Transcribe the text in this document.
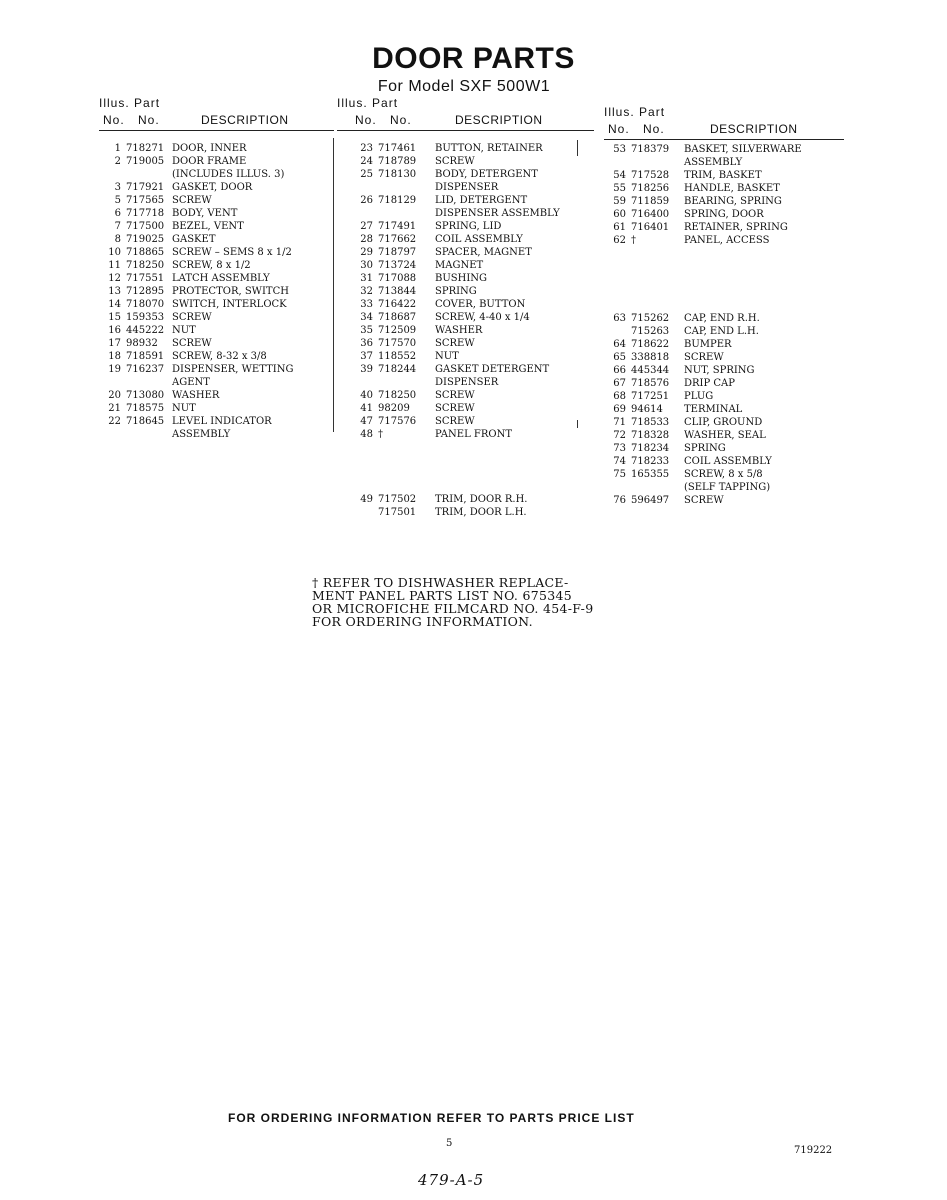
DOOR PARTS
For Model SXF 500W1
Illus. Part
No. No.	DESCRIPTION
1 718271 DOOR, INNER
2 719005 DOOR FRAME
(INCLUDES ILLUS. 3)
3 717921 GASKET, DOOR
5 717565 SCREW
6 717718 BODY, VENT
7 717500 BEZEL, VENT
8 719025 GASKET
10 718865 SCREW – SEMS 8 x 1/2
11 718250 SCREW, 8 x 1/2
12 717551 LATCH ASSEMBLY
13 712895 PROTECTOR, SWITCH
14 718070 SWITCH, INTERLOCK
15 159353 SCREW
16 445222 NUT
17 98932 SCREW
18 718591 SCREW, 8-32 x 3/8
19 716237 DISPENSER, WETTING
AGENT
20 713080 WASHER
21 718575 NUT
22 718645 LEVEL INDICATOR
ASSEMBLY
Illus. Part
No. No.	DESCRIPTION
23 717461 BUTTON, RETAINER
24 718789 SCREW
25 718130 BODY, DETERGENT
DISPENSER
26 718129 LID, DETERGENT
DISPENSER ASSEMBLY
27 717491 SPRING, LID
28 717662 COIL ASSEMBLY
29 718797 SPACER, MAGNET
30 713724 MAGNET
31 717088 BUSHING
32 713844 SPRING
33 716422 COVER, BUTTON
34 718687 SCREW, 4-40 x 1/4
35 712509 WASHER
36 717570 SCREW
37 118552 NUT
39 718244 GASKET DETERGENT
DISPENSER
40 718250 SCREW
41 98209	SCREW
47 717576 SCREW
48 †	PANEL FRONT
49 717502 TRIM, DOOR R.H.
717501 TRIM, DOOR L.H.
Illus. Part
No. No.	DESCRIPTION
53 718379 BASKET, SILVERWARE
ASSEMBLY
54 717528 TRIM, BASKET
55 718256 HANDLE, BASKET
59 711859 BEARING, SPRING
60 716400 SPRING, DOOR
61 716401 RETAINER, SPRING
62 †	PANEL, ACCESS
63 715262 CAP, END R.H.
715263 CAP, END L.H.
64 718622 BUMPER
65 338818 SCREW
66 445344 NUT, SPRING
67 718576 DRIP CAP
68 717251 PLUG
69 94614 TERMINAL
71 718533 CLIP, GROUND
72 718328 WASHER, SEAL
73 718234 SPRING
74 718233 COIL ASSEMBLY
75 165355 SCREW, 8 x 5/8
(SELF TAPPING)
76 596497 SCREW
† REFER TO DISHWASHER REPLACE-
MENT PANEL PARTS LIST NO. 675345
OR MICROFICHE FILMCARD NO. 454-F-9
FOR ORDERING INFORMATION.
FOR ORDERING INFORMATION REFER TO PARTS PRICE LIST
5
719222
479-A-5
